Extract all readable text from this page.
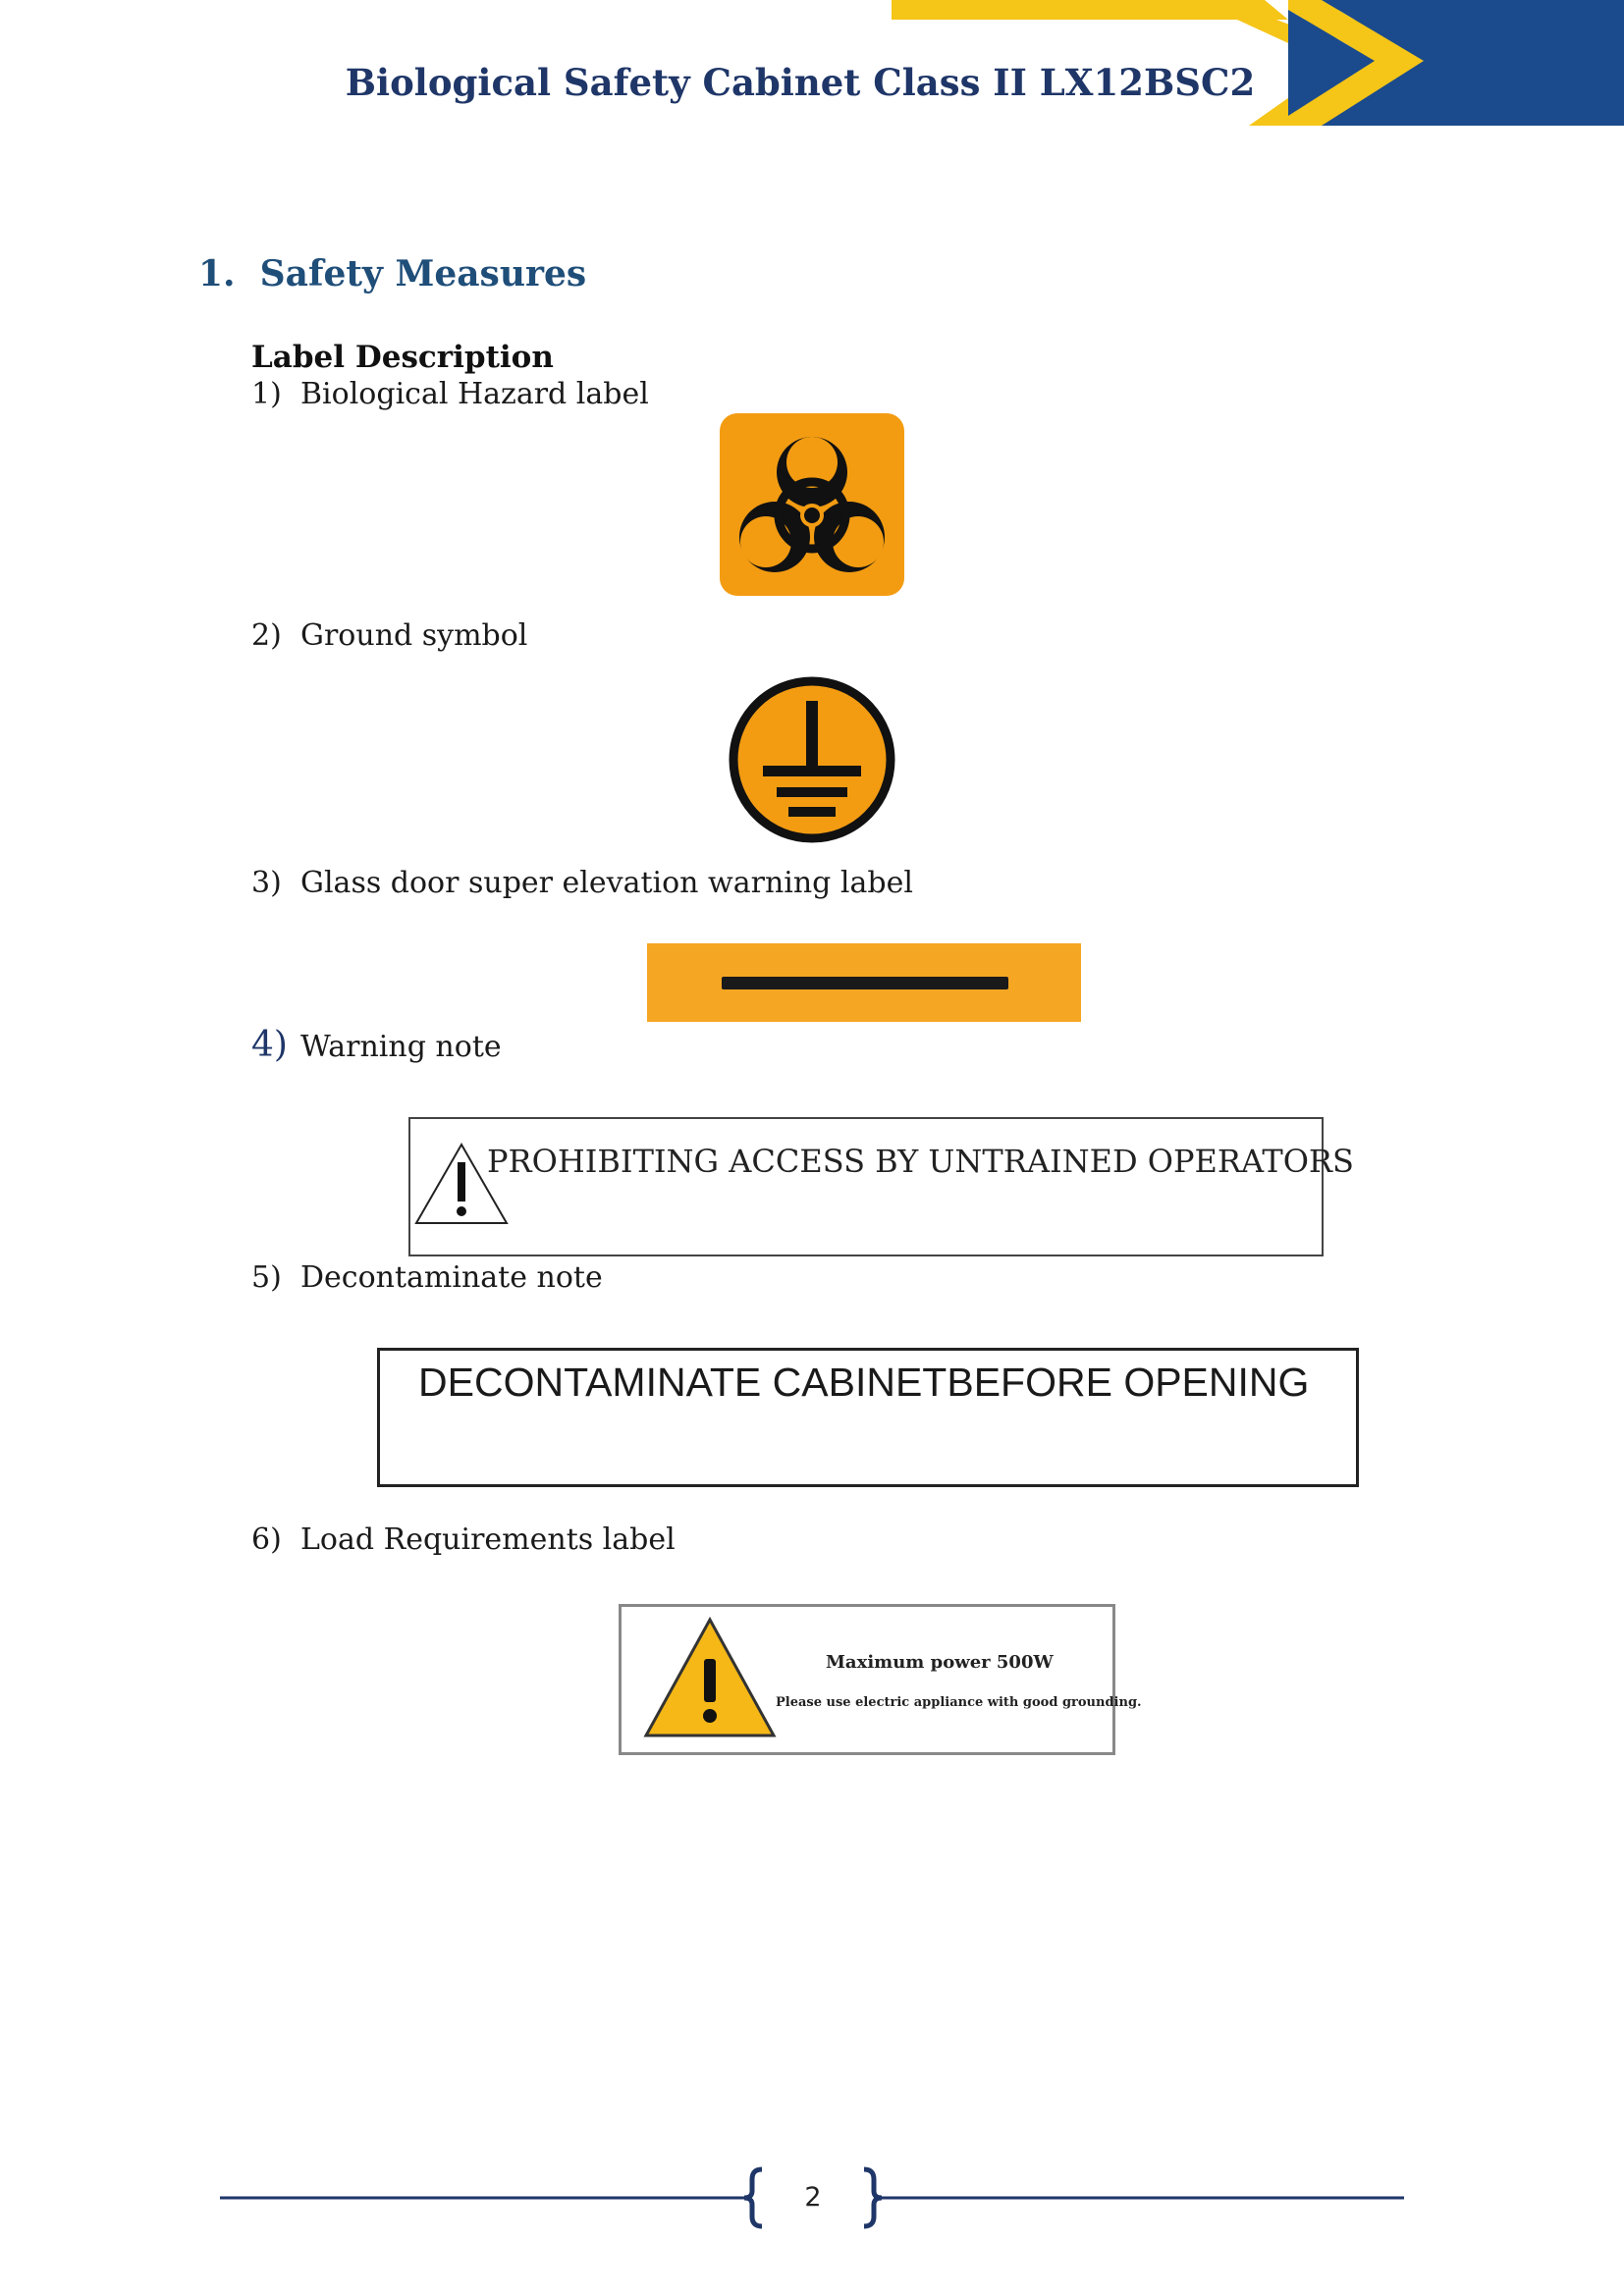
Biological Safety Cabinet Class II LX12BSC2
1. Safety Measures
Label Description
1) Biological Hazard label
2) Ground symbol
3) Glass door super elevation warning label
4) Warning note
PROHIBITING ACCESS BY UNTRAINED OPERATORS
5) Decontaminate note
DECONTAMINATE CABINETBEFORE OPENING
6) Load Requirements label
Maximum power 500W
Please use electric appliance with good grounding.
2
